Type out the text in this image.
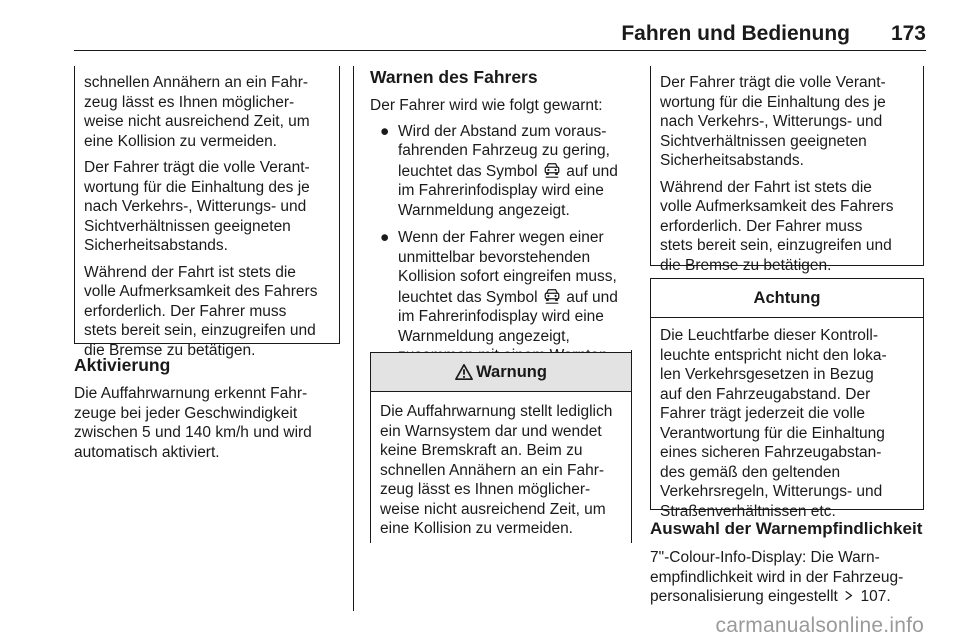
Fahren und Bedienung 173

schnellen Annähern an ein Fahr-
zeug lässt es Ihnen möglicher-
weise nicht ausreichend Zeit, um
eine Kollision zu vermeiden.

Der Fahrer trägt die volle Verant-
wortung für die Einhaltung des je
nach Verkehrs-, Witterungs- und
Sichtverhältnissen geeigneten
Sicherheitsabstands.

Während der Fahrt ist stets die
volle Aufmerksamkeit des Fahrers
erforderlich. Der Fahrer muss
stets bereit sein, einzugreifen und
die Bremse zu betätigen.

Aktivierung

Die Auffahrwarnung erkennt Fahr-
zeuge bei jeder Geschwindigkeit
zwischen 5 und 140 km/h und wird
automatisch aktiviert.

Warnen des Fahrers

Der Fahrer wird wie folgt gewarnt:

● Wird der Abstand zum voraus-
fahrenden Fahrzeug zu gering,
leuchtet das Symbol auf und
im Fahrerinfodisplay wird eine
Warnmeldung angezeigt.
● Wenn der Fahrer wegen einer
unmittelbar bevorstehenden
Kollision sofort eingreifen muss,
leuchtet das Symbol auf und
im Fahrerinfodisplay wird eine
Warnmeldung angezeigt,

Warnung

Die Auffahrwarnung stellt lediglich
ein Warnsystem dar und wendet
keine Bremskraft an. Beim zu
schnellen Annähern an ein Fahr-
zeug lässt es Ihnen möglicher-
weise nicht ausreichend Zeit, um
eine Kollision zu vermeiden.

Der Fahrer trägt die volle Verant-
wortung für die Einhaltung des je
nach Verkehrs-, Witterungs- und
Sichtverhältnissen geeigneten
Sicherheitsabstands.

Während der Fahrt ist stets die
volle Aufmerksamkeit des Fahrers
erforderlich. Der Fahrer muss
stets bereit sein, einzugreifen und
die Bremse zu betätigen.

Achtung

Die Leuchtfarbe dieser Kontroll-
leuchte entspricht nicht den loka-
len Verkehrsgesetzen in Bezug
auf den Fahrzeugabstand. Der
Fahrer trägt jederzeit die volle
Verantwortung für die Einhaltung
eines sicheren Fahrzeugabstan-
des gemäß den geltenden
Verkehrsregeln, Witterungs- und
Straßenverhältnissen etc.

Auswahl der Warnempfindlichkeit

7"-Colour-Info-Display: Die Warn-
empfindlichkeit wird in der Fahrzeug-
personalisierung eingestellt 107.

carmanualsonline.info
